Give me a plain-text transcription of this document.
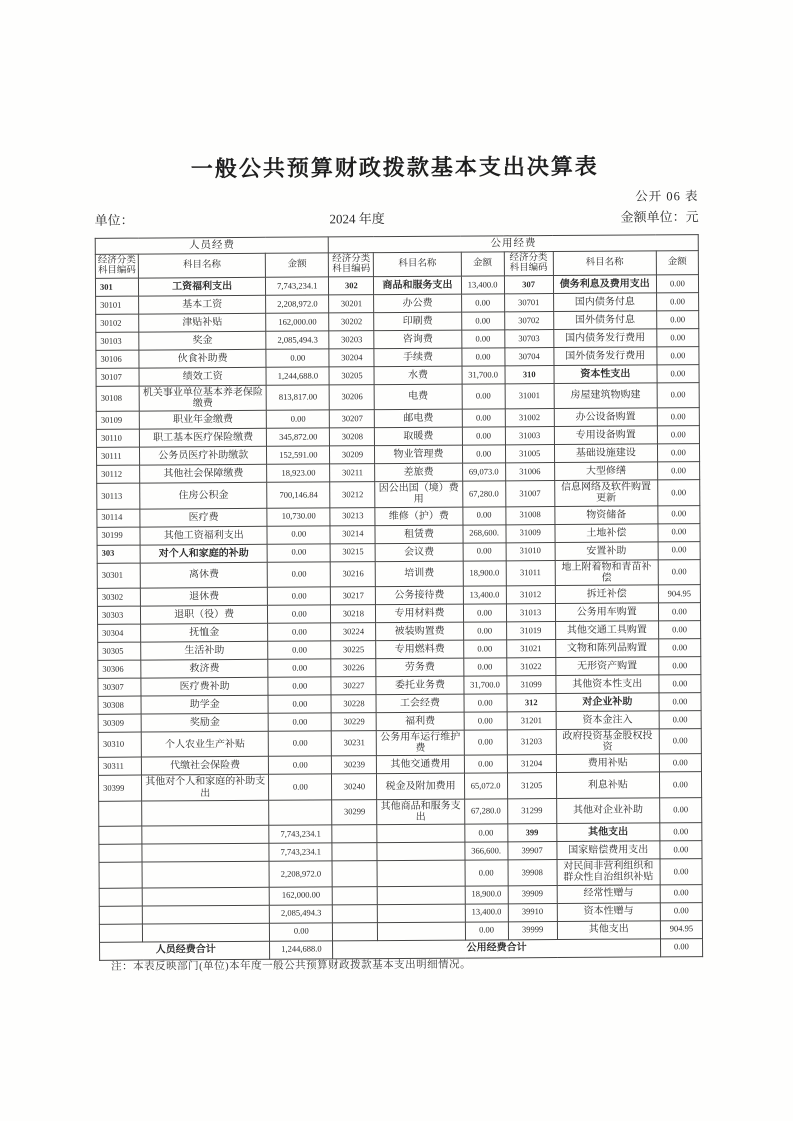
一般公共预算财政拨款基本支出决算表
公开 06 表
单位：	2024 年度	金额单位：元
人员经费			公用经费					
经济分类科目编码	科目名称	金额	经济分类科目编码	科目名称	金额	经济分类科目编码	科目名称	金额
301	工资福利支出	7,743,234.1	302	商品和服务支出	13,400.0	307	债务利息及费用支出	0.00
30101	基本工资	2,208,972.0	30201	办公费	0.00	30701	国内债务付息	0.00
30102	津贴补贴	162,000.00	30202	印刷费	0.00	30702	国外债务付息	0.00
30103	奖金	2,085,494.3	30203	咨询费	0.00	30703	国内债务发行费用	0.00
30106	伙食补助费	0.00	30204	手续费	0.00	30704	国外债务发行费用	0.00
30107	绩效工资	1,244,688.0	30205	水费	31,700.0	310	资本性支出	0.00
30108	机关事业单位基本养老保险缴费	813,817.00	30206	电费	0.00	31001	房屋建筑物购建	0.00
30109	职业年金缴费	0.00	30207	邮电费	0.00	31002	办公设备购置	0.00
30110	职工基本医疗保险缴费	345,872.00	30208	取暖费	0.00	31003	专用设备购置	0.00
30111	公务员医疗补助缴款	152,591.00	30209	物业管理费	0.00	31005	基础设施建设	0.00
30112	其他社会保障缴费	18,923.00	30211	差旅费	69,073.0	31006	大型修缮	0.00
30113	住房公积金	700,146.84	30212	因公出国（境）费用	67,280.0	31007	信息网络及软件购置更新	0.00
30114	医疗费	10,730.00	30213	维修（护）费	0.00	31008	物资储备	0.00
30199	其他工资福利支出	0.00	30214	租赁费	268,600.	31009	土地补偿	0.00
303	对个人和家庭的补助	0.00	30215	会议费	0.00	31010	安置补助	0.00
30301	离休费	0.00	30216	培训费	18,900.0	31011	地上附着物和青苗补偿	0.00
30302	退休费	0.00	30217	公务接待费	13,400.0	31012	拆迁补偿	904.95
30303	退职（役）费	0.00	30218	专用材料费	0.00	31013	公务用车购置	0.00
30304	抚恤金	0.00	30224	被装购置费	0.00	31019	其他交通工具购置	0.00
30305	生活补助	0.00	30225	专用燃料费	0.00	31021	文物和陈列品购置	0.00
30306	救济费	0.00	30226	劳务费	0.00	31022	无形资产购置	0.00
30307	医疗费补助	0.00	30227	委托业务费	31,700.0	31099	其他资本性支出	0.00
30308	助学金	0.00	30228	工会经费	0.00	312	对企业补助	0.00
30309	奖励金	0.00	30229	福利费	0.00	31201	资本金注入	0.00
30310	个人农业生产补贴	0.00	30231	公务用车运行维护费	0.00	31203	政府投资基金股权投资	0.00
30311	代缴社会保险费	0.00	30239	其他交通费用	0.00	31204	费用补贴	0.00
30399	其他对个人和家庭的补助支出	0.00	30240	税金及附加费用	65,072.0	31205	利息补贴	0.00
			30299	其他商品和服务支出	67,280.0	31299	其他对企业补助	0.00
		7,743,234.1			0.00	399	其他支出	0.00
		7,743,234.1			366,600.	39907	国家赔偿费用支出	0.00
		2,208,972.0			0.00	39908	对民间非营利组织和群众性自治组织补贴	0.00
		162,000.00			18,900.0	39909	经常性赠与	0.00
		2,085,494.3			13,400.0	39910	资本性赠与	0.00
		0.00			0.00	39999	其他支出	904.95
人员经费合计		1,244,688.0	公用经费合计					0.00
注：本表反映部门(单位)本年度一般公共预算财政拨款基本支出明细情况。
